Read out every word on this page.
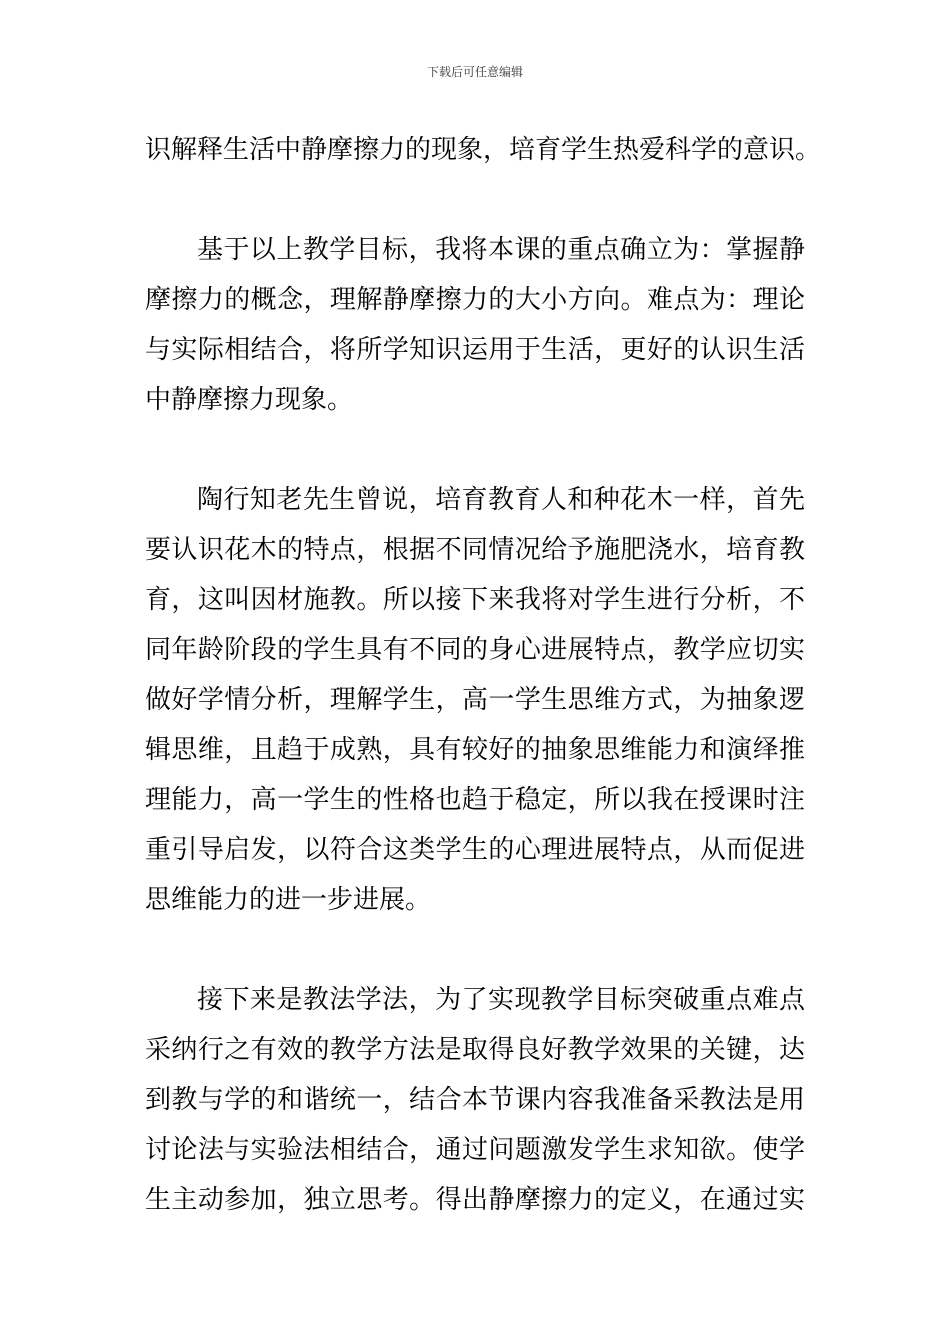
下载后可任意编辑
识解释生活中静摩擦力的现象，培育学生热爱科学的意识。
基于以上教学目标，我将本课的重点确立为：掌握静
摩擦力的概念，理解静摩擦力的大小方向。难点为：理论
与实际相结合，将所学知识运用于生活，更好的认识生活
中静摩擦力现象。
陶行知老先生曾说，培育教育人和种花木一样，首先
要认识花木的特点，根据不同情况给予施肥浇水，培育教
育，这叫因材施教。所以接下来我将对学生进行分析，不
同年龄阶段的学生具有不同的身心进展特点，教学应切实
做好学情分析，理解学生，高一学生思维方式，为抽象逻
辑思维，且趋于成熟，具有较好的抽象思维能力和演绎推
理能力，高一学生的性格也趋于稳定，所以我在授课时注
重引导启发，以符合这类学生的心理进展特点，从而促进
思维能力的进一步进展。
接下来是教法学法，为了实现教学目标突破重点难点
采纳行之有效的教学方法是取得良好教学效果的关键，达
到教与学的和谐统一，结合本节课内容我准备采教法是用
讨论法与实验法相结合，通过问题激发学生求知欲。使学
生主动参加，独立思考。得出静摩擦力的定义，在通过实
